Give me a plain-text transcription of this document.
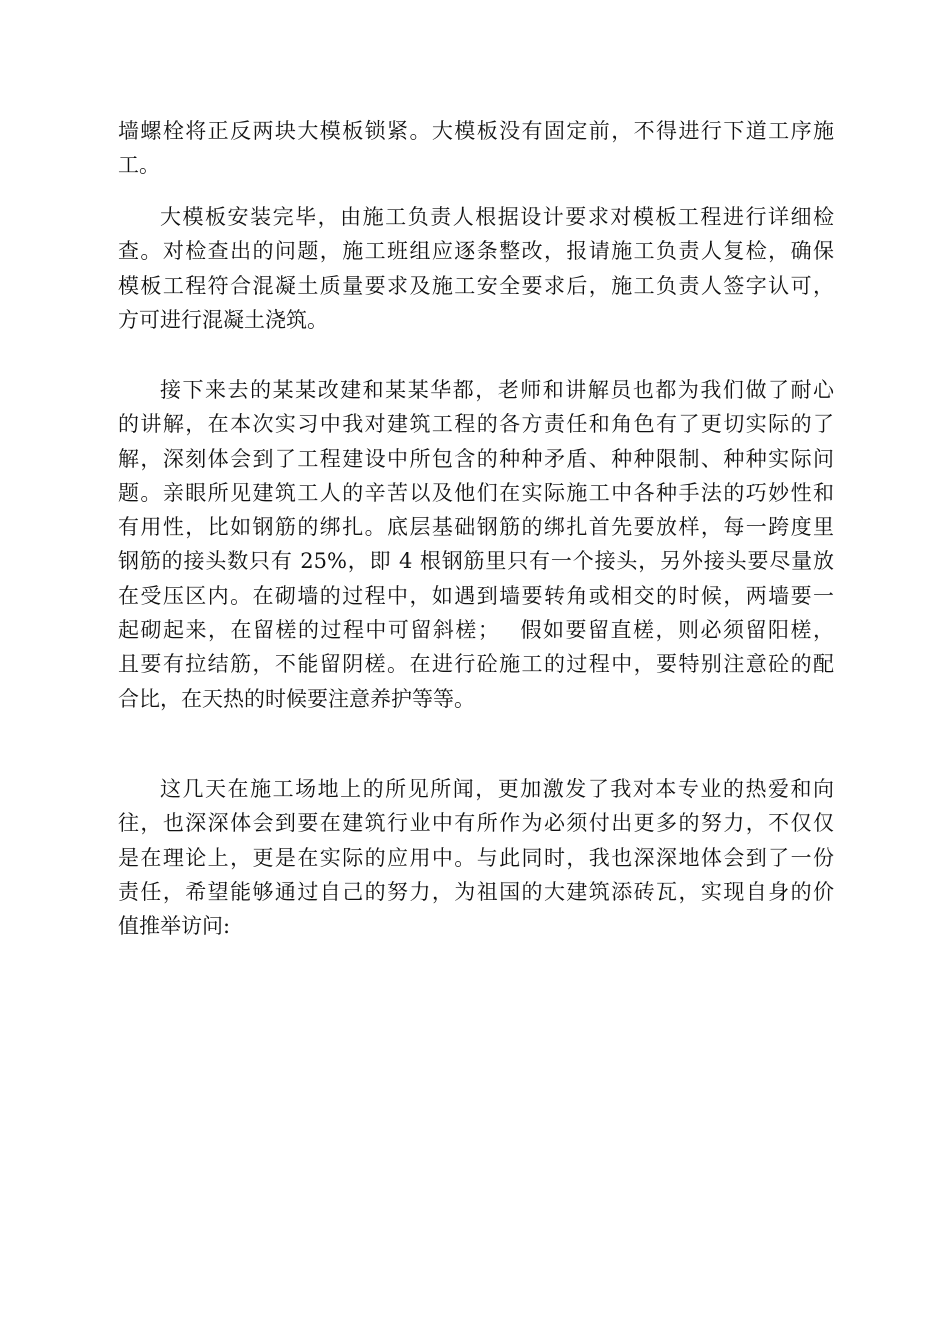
墙螺栓将正反两块大模板锁紧。大模板没有固定前，不得进行下道工序施
工。
大模板安装完毕，由施工负责人根据设计要求对模板工程进行详细检
查。对检查出的问题，施工班组应逐条整改，报请施工负责人复检，确保
模板工程符合混凝土质量要求及施工安全要求后，施工负责人签字认可，
方可进行混凝土浇筑。
接下来去的某某改建和某某华都，老师和讲解员也都为我们做了耐心
的讲解，在本次实习中我对建筑工程的各方责任和角色有了更切实际的了
解，深刻体会到了工程建设中所包含的种种矛盾、种种限制、种种实际问
题。亲眼所见建筑工人的辛苦以及他们在实际施工中各种手法的巧妙性和
有用性，比如钢筋的绑扎。底层基础钢筋的绑扎首先要放样，每一跨度里
钢筋的接头数只有 25%，即 4 根钢筋里只有一个接头，另外接头要尽量放
在受压区内。在砌墙的过程中，如遇到墙要转角或相交的时候，两墙要一
起砌起来，在留槎的过程中可留斜槎；　 假如要留直槎，则必须留阳槎，
且要有拉结筋，不能留阴槎。在进行砼施工的过程中，要特别注意砼的配
合比，在天热的时候要注意养护等等。
这几天在施工场地上的所见所闻，更加激发了我对本专业的热爱和向
往，也深深体会到要在建筑行业中有所作为必须付出更多的努力，不仅仅
是在理论上，更是在实际的应用中。与此同时，我也深深地体会到了一份
责任，希望能够通过自己的努力，为祖国的大建筑添砖瓦，实现自身的价
值推举访问:
